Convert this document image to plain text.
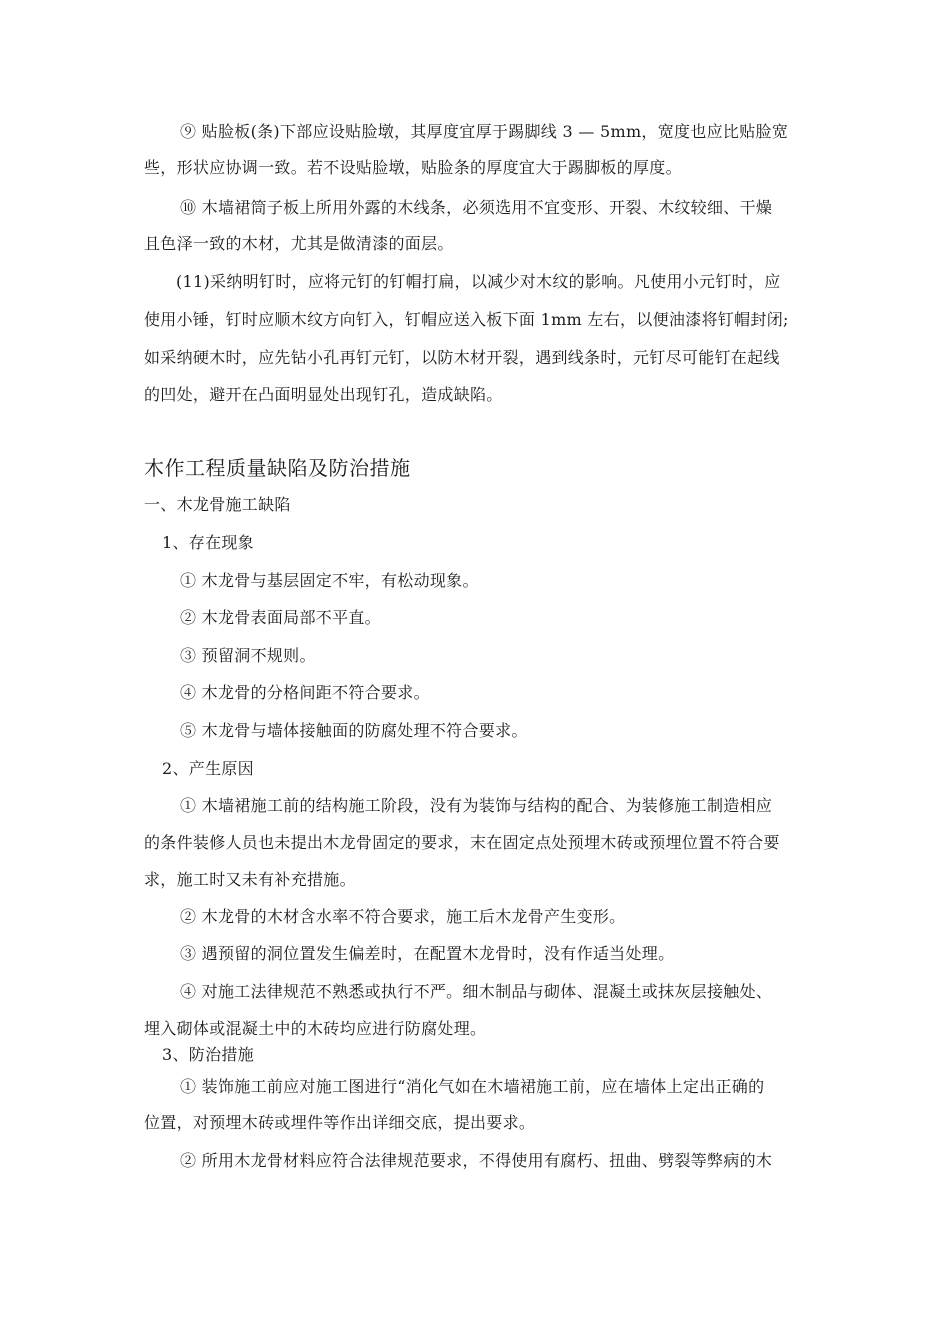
⑨ 贴脸板(条)下部应设贴脸墩，其厚度宜厚于踢脚线 3 — 5mm，宽度也应比贴脸宽
些，形状应协调一致。若不设贴脸墩，贴脸条的厚度宜大于踢脚板的厚度。
⑩ 木墙裙筒子板上所用外露的木线条，必须选用不宜变形、开裂、木纹较细、干燥
且色泽一致的木材，尤其是做清漆的面层。
(11)采纳明钉时，应将元钉的钉帽打扁，以减少对木纹的影响。凡使用小元钉时，应
使用小锤，钉时应顺木纹方向钉入，钉帽应送入板下面 1mm 左右，以便油漆将钉帽封闭;
如采纳硬木时，应先钻小孔再钉元钉，以防木材开裂，遇到线条时，元钉尽可能钉在起线
的凹处，避开在凸面明显处出现钉孔，造成缺陷。
木作工程质量缺陷及防治措施
一、木龙骨施工缺陷
1、存在现象
① 木龙骨与基层固定不牢，有松动现象。
② 木龙骨表面局部不平直。
③ 预留洞不规则。
④ 木龙骨的分格间距不符合要求。
⑤ 木龙骨与墙体接触面的防腐处理不符合要求。
2、产生原因
① 木墙裙施工前的结构施工阶段，没有为装饰与结构的配合、为装修施工制造相应
的条件装修人员也未提出木龙骨固定的要求，末在固定点处预埋木砖或预埋位置不符合要
求，施工时又未有补充措施。
② 木龙骨的木材含水率不符合要求，施工后木龙骨产生变形。
③ 遇预留的洞位置发生偏差时，在配置木龙骨时，没有作适当处理。
④ 对施工法律规范不熟悉或执行不严。细木制品与砌体、混凝土或抹灰层接触处、
埋入砌体或混凝土中的木砖均应进行防腐处理。
3、防治措施
① 装饰施工前应对施工图进行“消化气如在木墙裙施工前，应在墙体上定出正确的
位置，对预埋木砖或埋件等作出详细交底，提出要求。
② 所用木龙骨材料应符合法律规范要求，不得使用有腐朽、扭曲、劈裂等弊病的木
